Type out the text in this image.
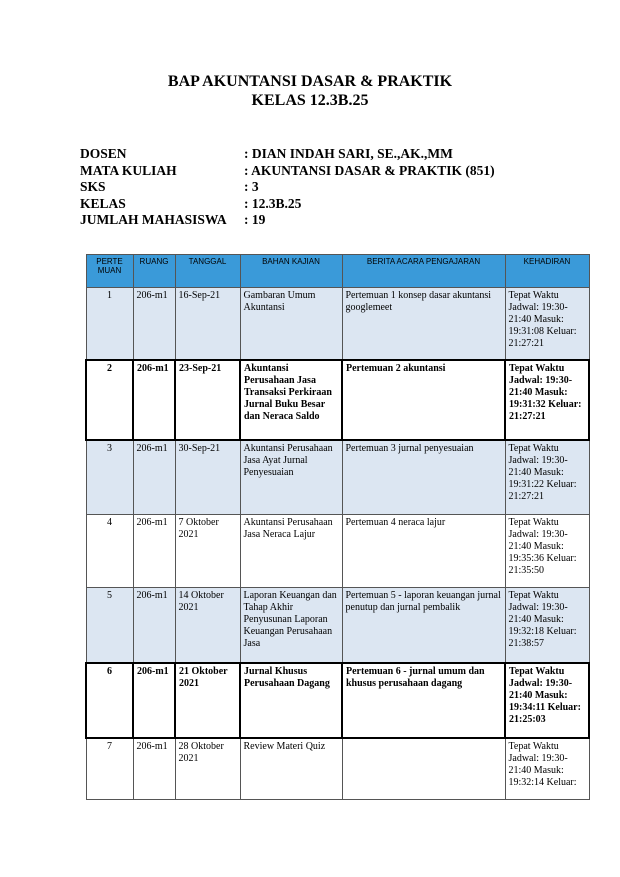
BAP AKUNTANSI DASAR & PRAKTIK
KELAS 12.3B.25
DOSEN	: DIAN INDAH SARI, SE.,AK.,MM
MATA KULIAH	: AKUNTANSI DASAR & PRAKTIK (851)
SKS	: 3
KELAS	: 12.3B.25
JUMLAH MAHASISWA : 19
PERTE MUAN	RUANG	TANGGAL	BAHAN KAJIAN	BERITA ACARA PENGAJARAN	KEHADIRAN
1	206-m1	16-Sep-21	Gambaran Umum Akuntansi	Pertemuan 1 konsep dasar akuntansi googlemeet	Tepat Waktu Jadwal: 19:30-21:40 Masuk: 19:31:08 Keluar: 21:27:21
2	206-m1	23-Sep-21	Akuntansi Perusahaan Jasa Transaksi Perkiraan Jurnal Buku Besar dan Neraca Saldo	Pertemuan 2 akuntansi	Tepat Waktu Jadwal: 19:30-21:40 Masuk: 19:31:32 Keluar: 21:27:21
3	206-m1	30-Sep-21	Akuntansi Perusahaan Jasa Ayat Jurnal Penyesuaian	Pertemuan 3 jurnal penyesuaian	Tepat Waktu Jadwal: 19:30-21:40 Masuk: 19:31:22 Keluar: 21:27:21
4	206-m1	7 Oktober 2021	Akuntansi Perusahaan Jasa Neraca Lajur	Pertemuan 4 neraca lajur	Tepat Waktu Jadwal: 19:30-21:40 Masuk: 19:35:36 Keluar: 21:35:50
5	206-m1	14 Oktober 2021	Laporan Keuangan dan Tahap Akhir Penyusunan Laporan Keuangan Perusahaan Jasa	Pertemuan 5 - laporan keuangan jurnal penutup dan jurnal pembalik	Tepat Waktu Jadwal: 19:30-21:40 Masuk: 19:32:18 Keluar: 21:38:57
6	206-m1	21 Oktober 2021	Jurnal Khusus Perusahaan Dagang	Pertemuan 6 - jurnal umum dan khusus perusahaan dagang	Tepat Waktu Jadwal: 19:30-21:40 Masuk: 19:34:11 Keluar: 21:25:03
7	206-m1	28 Oktober 2021	Review Materi Quiz		Tepat Waktu Jadwal: 19:30-21:40 Masuk: 19:32:14 Keluar:
